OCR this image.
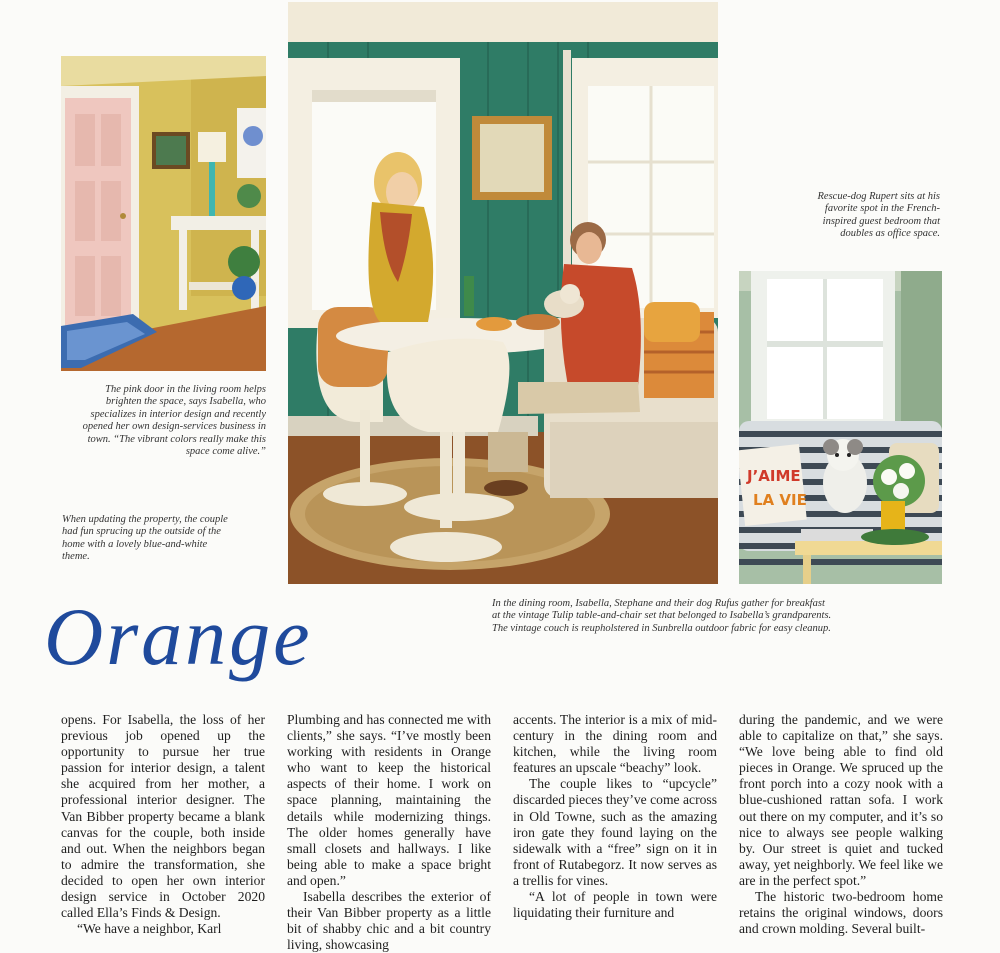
J’AIME
LA VIE
The pink door in the living room helps brighten the space, says Isabella, who specializes in interior design and recently opened her own design-services business in town. “The vibrant colors really make this space come alive.”
When updating the property, the couple had fun sprucing up the outside of the home with a lovely blue-and-white theme.
Rescue-dog Rupert sits at his favorite spot in the French-inspired guest bedroom that doubles as office space.
In the dining room, Isabella, Stephane and their dog Rufus gather for breakfast at the vintage Tulip table-and-chair set that belonged to Isabella’s grandparents. The vintage couch is reupholstered in Sunbrella outdoor fabric for easy cleanup.
Orange

opens. For Isabella, the loss of her previous job opened up the opportunity to pursue her true passion for interior design, a talent she acquired from her mother, a professional interior designer. The Van Bibber property became a blank canvas for the couple, both inside and out. When the neighbors began to admire the transformation, she decided to open her own interior design service in October 2020 called Ella’s Finds & Design.

“We have a neighbor, Karl

Plumbing and has connected me with clients,” she says. “I’ve mostly been working with residents in Orange who want to keep the historical aspects of their home. I work on space planning, maintaining the details while modernizing things. The older homes generally have small closets and hallways. I like being able to make a space bright and open.”

Isabella describes the exterior of their Van Bibber property as a little bit of shabby chic and a bit country living, showcasing

accents. The interior is a mix of mid-century in the dining room and kitchen, while the living room features an upscale “beachy” look.

The couple likes to “upcycle” discarded pieces they’ve come across in Old Towne, such as the amazing iron gate they found laying on the sidewalk with a “free” sign on it in front of Rutabegorz. It now serves as a trellis for vines.

“A lot of people in town were liquidating their furniture and

during the pandemic, and we were able to capitalize on that,” she says. “We love being able to find old pieces in Orange. We spruced up the front porch into a cozy nook with a blue-cushioned rattan sofa. I work out there on my computer, and it’s so nice to always see people walking by. Our street is quiet and tucked away, yet neighborly. We feel like we are in the perfect spot.”

The historic two-bedroom home retains the original windows, doors and crown molding. Several built-
